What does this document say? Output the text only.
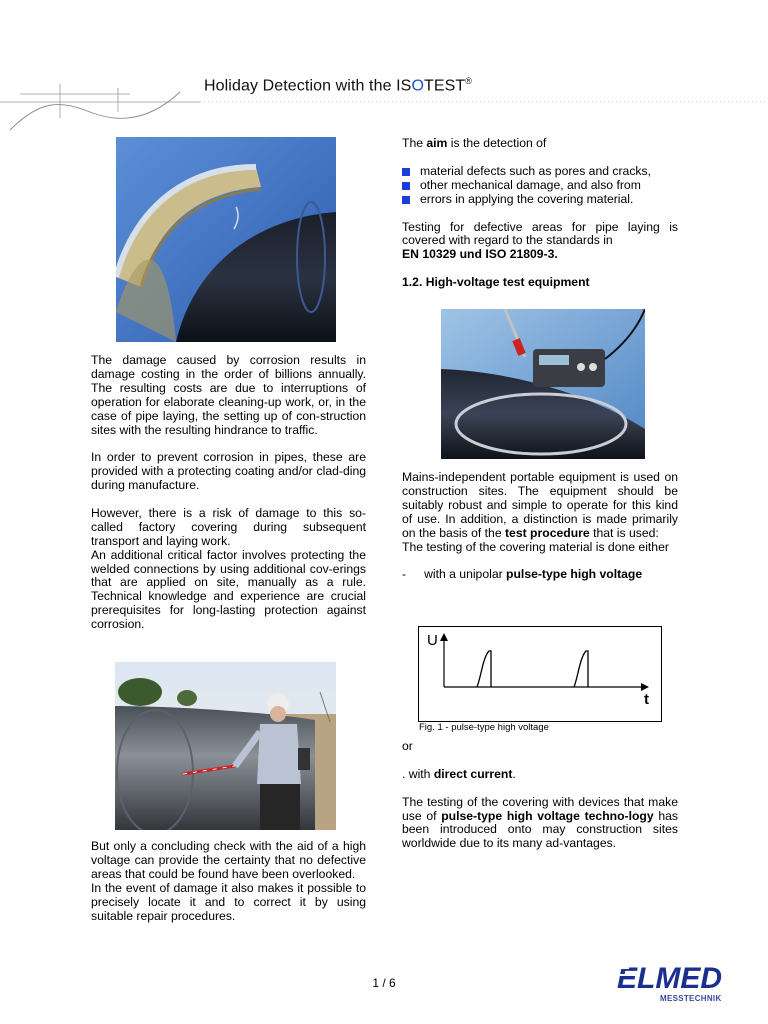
Holiday Detection with the ISOTEST®

The damage caused by corrosion results in damage costing in the order of billions annually. The resulting costs are due to interruptions of operation for elaborate cleaning-up work, or, in the case of pipe laying, the setting up of con-struction sites with the resulting hindrance to traffic.

In order to prevent corrosion in pipes, these are provided with a protecting coating and/or clad-ding during manufacture.

However, there is a risk of damage to this so-called factory covering during subsequent transport and laying work.

An additional critical factor involves protecting the welded connections by using additional cov-erings that are applied on site, manually as a rule. Technical knowledge and experience are crucial prerequisites for long-lasting protection against corrosion.

But only a concluding check with the aid of a high voltage can provide the certainty that no defective areas that could be found have been overlooked.

In the event of damage it also makes it possible to precisely locate it and to correct it by using suitable repair procedures.

The aim is the detection of

material defects such as pores and cracks,
other mechanical damage, and also from
errors in applying the covering material.

Testing for defective areas for pipe laying is covered with regard to the standards in
EN 10329 und ISO 21809-3.

1.2. High-voltage test equipment

Mains-independent portable equipment is used on construction sites. The equipment should be suitably robust and simple to operate for this kind of use. In addition, a distinction is made primarily on the basis of the test procedure that is used:

The testing of the covering material is done either

- with a unipolar pulse-type high voltage

U
t
Fig. 1 - pulse-type high voltage

or

. with direct current.

The testing of the covering with devices that make use of pulse-type high voltage techno-logy has been introduced onto may construction sites worldwide due to its many ad-vantages.

1 / 6	ELMED
MESSTECHNIK
